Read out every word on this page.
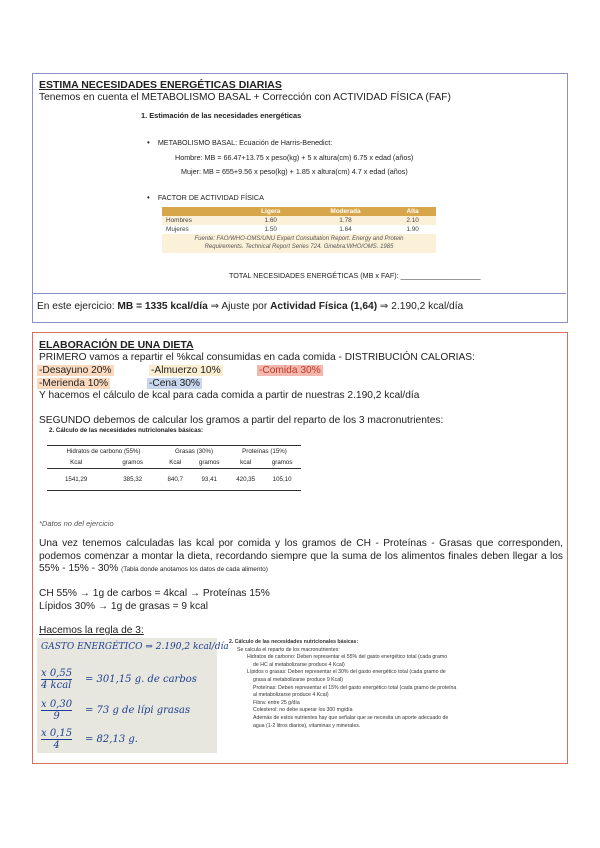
ESTIMA NECESIDADES ENERGÉTICAS DIARIAS
Tenemos en cuenta el METABOLISMO BASAL + Corrección con ACTIVIDAD FÍSICA (FAF)
1. Estimación de las necesidades energéticas
• METABOLISMO BASAL: Ecuación de Harris-Benedict:
Hombre: MB = 66.47+13.75 x peso(kg) + 5 x altura(cm) 6.75 x edad (años)
Mujer: MB = 655+9.56 x peso(kg) + 1.85 x altura(cm) 4.7 x edad (años)
• FACTOR DE ACTIVIDAD FÍSICA
	Ligera	Moderada	Alta
Hombres	1.60	1.78	2.10
Mujeres	1.50	1.64	1.90
Fuente: FAO/WHO-OMS/UNU Expert Consultation Report. Energy and Protein
Requirements. Technical Report Series 724. Ginebra:WHO/OMS. 1985
TOTAL NECESIDADES ENERGÉTICAS (MB x FAF): ____________________
En este ejercicio: MB = 1335 kcal/día ⇒ Ajuste por Actividad Física (1,64) ⇒ 2.190,2 kcal/día
ELABORACIÓN DE UNA DIETA
PRIMERO vamos a repartir el %kcal consumidas en cada comida - DISTRIBUCIÓN CALORIAS:
-Desayuno 20%	-Almuerzo 10%	-Comida 30%
-Merienda 10%	-Cena 30%
Y hacemos el cálculo de kcal para cada comida a partir de nuestras 2.190,2 kcal/día
SEGUNDO debemos de calcular los gramos a partir del reparto de los 3 macronutrientes:
2. Cálculo de las necesidades nutricionales básicas:
Hidratos de carbono (55%)		Grasas (30%)		Proteínas (15%)	
Kcal	gramos	Kcal	gramos	kcal	gramos
1541,29	385,32	840,7	93,41	420,35	105,10
*Datos no del ejercicio
Una vez tenemos calculadas las kcal por comida y los gramos de CH - Proteínas - Grasas que corresponden, podemos comenzar a montar la dieta, recordando siempre que la suma de los alimentos finales deben llegar a los 55% - 15% - 30% (Tabla donde anotamos los datos de cada alimento)
CH 55% → 1g de carbos = 4kcal → Proteínas 15%
Lípidos 30% → 1g de grasas = 9 kcal
Hacemos la regla de 3:
GASTO ENERGÉTICO ⇒ 2.190,2 kcal/día
x 0,55
4 kcal
= 301,15 g. de carbos
$\frac{x 0,30}{9} = 73$ g de lípi grasas
$\frac{x 0,15}{4} = 82,13$ g.
2. Cálculo de las necesidades nutricionales básicas:
Se calcula el reparto de los macronutrientes:
Hidratos de carbono: Deben representar el 55% del gasto energético total (cada gramo
de HC al metabolizarse produce 4 Kcal)
Lípidos o grasas: Deben representar el 30% del gasto energético total (cada gramo de
grasa al metabolizarse produce 9 Kcal)
Proteínas: Deben representar el 15% del gasto energético total (cada gramo de proteína
al metabolizarse produce 4 Kcal)
Fibra: entre 25 g/día
Colesterol: no debe superar los 300 mg/día
Además de estos nutrientes hay que señalar que se necesita un aporte adecuado de
agua (1-2 litros diarios), vitaminas y minerales.
